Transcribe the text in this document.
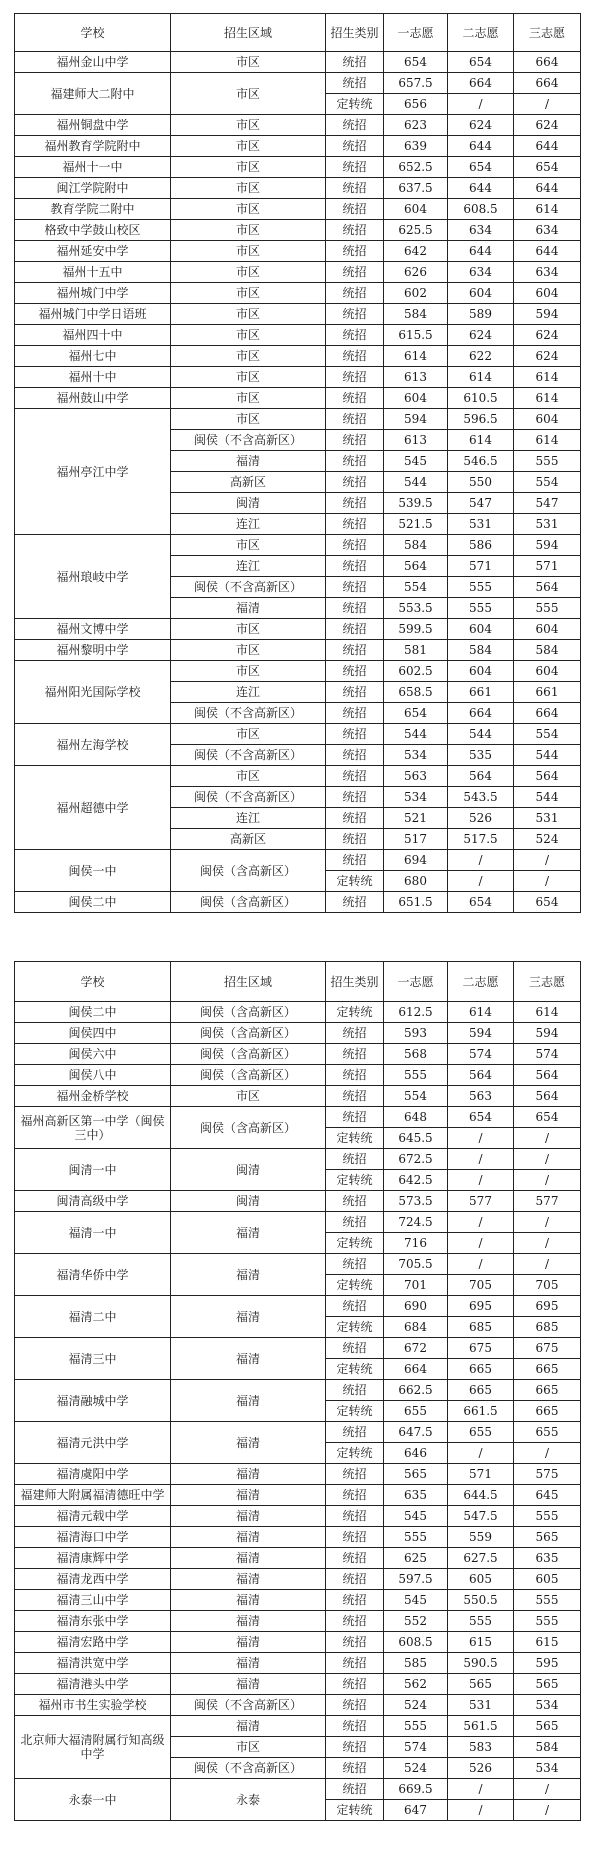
学校	招生区域	招生类别	一志愿	二志愿	三志愿
福州金山中学	市区	统招	654	654	664
福建师大二附中	市区	统招	657.5	664	664
		定转统	656	/	/
福州铜盘中学	市区	统招	623	624	624
福州教育学院附中	市区	统招	639	644	644
福州十一中	市区	统招	652.5	654	654
闽江学院附中	市区	统招	637.5	644	644
教育学院二附中	市区	统招	604	608.5	614
格致中学鼓山校区	市区	统招	625.5	634	634
福州延安中学	市区	统招	642	644	644
福州十五中	市区	统招	626	634	634
福州城门中学	市区	统招	602	604	604
福州城门中学日语班	市区	统招	584	589	594
福州四十中	市区	统招	615.5	624	624
福州七中	市区	统招	614	622	624
福州十中	市区	统招	613	614	614
福州鼓山中学	市区	统招	604	610.5	614
福州亭江中学	市区	统招	594	596.5	604
	闽侯（不含高新区）	统招	613	614	614
	福清	统招	545	546.5	555
	高新区	统招	544	550	554
	闽清	统招	539.5	547	547
	连江	统招	521.5	531	531
福州琅岐中学	市区	统招	584	586	594
	连江	统招	564	571	571
	闽侯（不含高新区）	统招	554	555	564
	福清	统招	553.5	555	555
福州文博中学	市区	统招	599.5	604	604
福州黎明中学	市区	统招	581	584	584
福州阳光国际学校	市区	统招	602.5	604	604
	连江	统招	658.5	661	661
	闽侯（不含高新区）	统招	654	664	664
福州左海学校	市区	统招	544	544	554
	闽侯（不含高新区）	统招	534	535	544
福州超德中学	市区	统招	563	564	564
	闽侯（不含高新区）	统招	534	543.5	544
	连江	统招	521	526	531
	高新区	统招	517	517.5	524
闽侯一中	闽侯（含高新区）	统招	694	/	/
		定转统	680	/	/
闽侯二中	闽侯（含高新区）	统招	651.5	654	654
学校	招生区域	招生类别	一志愿	二志愿	三志愿
闽侯二中	闽侯（含高新区）	定转统	612.5	614	614
闽侯四中	闽侯（含高新区）	统招	593	594	594
闽侯六中	闽侯（含高新区）	统招	568	574	574
闽侯八中	闽侯（含高新区）	统招	555	564	564
福州金桥学校	市区	统招	554	563	564
福州高新区第一中学（闽侯三中）	闽侯（含高新区）	统招	648	654	654
		定转统	645.5	/	/
闽清一中	闽清	统招	672.5	/	/
		定转统	642.5	/	/
闽清高级中学	闽清	统招	573.5	577	577
福清一中	福清	统招	724.5	/	/
		定转统	716	/	/
福清华侨中学	福清	统招	705.5	/	/
		定转统	701	705	705
福清二中	福清	统招	690	695	695
		定转统	684	685	685
福清三中	福清	统招	672	675	675
		定转统	664	665	665
福清融城中学	福清	统招	662.5	665	665
		定转统	655	661.5	665
福清元洪中学	福清	统招	647.5	655	655
		定转统	646	/	/
福清虞阳中学	福清	统招	565	571	575
福建师大附属福清德旺中学	福清	统招	635	644.5	645
福清元载中学	福清	统招	545	547.5	555
福清海口中学	福清	统招	555	559	565
福清康辉中学	福清	统招	625	627.5	635
福清龙西中学	福清	统招	597.5	605	605
福清三山中学	福清	统招	545	550.5	555
福清东张中学	福清	统招	552	555	555
福清宏路中学	福清	统招	608.5	615	615
福清洪宽中学	福清	统招	585	590.5	595
福清港头中学	福清	统招	562	565	565
福州市书生实验学校	闽侯（不含高新区）	统招	524	531	534
北京师大福清附属行知高级中学	福清	统招	555	561.5	565
	市区	统招	574	583	584
	闽侯（不含高新区）	统招	524	526	534
永泰一中	永泰	统招	669.5	/	/
		定转统	647	/	/
